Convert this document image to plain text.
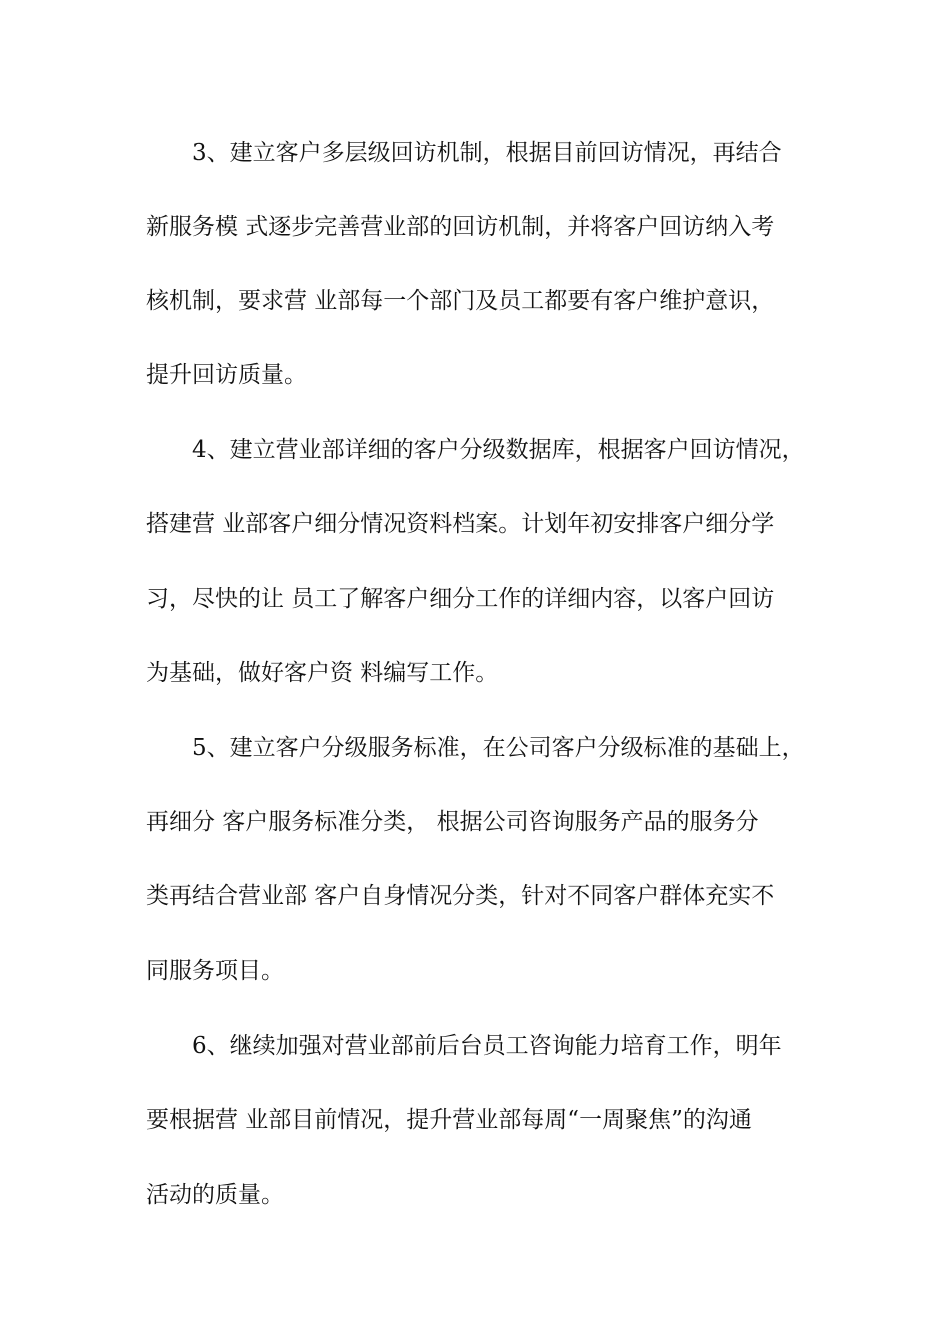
3、建立客户多层级回访机制，根据目前回访情况，再结合
新服务模 式逐步完善营业部的回访机制，并将客户回访纳入考
核机制，要求营 业部每一个部门及员工都要有客户维护意识，
提升回访质量。
4、建立营业部详细的客户分级数据库，根据客户回访情况，
搭建营 业部客户细分情况资料档案。计划年初安排客户细分学
习，尽快的让 员工了解客户细分工作的详细内容，以客户回访
为基础，做好客户资 料编写工作。
5、建立客户分级服务标准，在公司客户分级标准的基础上，
再细分 客户服务标准分类， 根据公司咨询服务产品的服务分
类再结合营业部 客户自身情况分类，针对不同客户群体充实不
同服务项目。
6、继续加强对营业部前后台员工咨询能力培育工作，明年
要根据营 业部目前情况，提升营业部每周“一周聚焦”的沟通
活动的质量。
